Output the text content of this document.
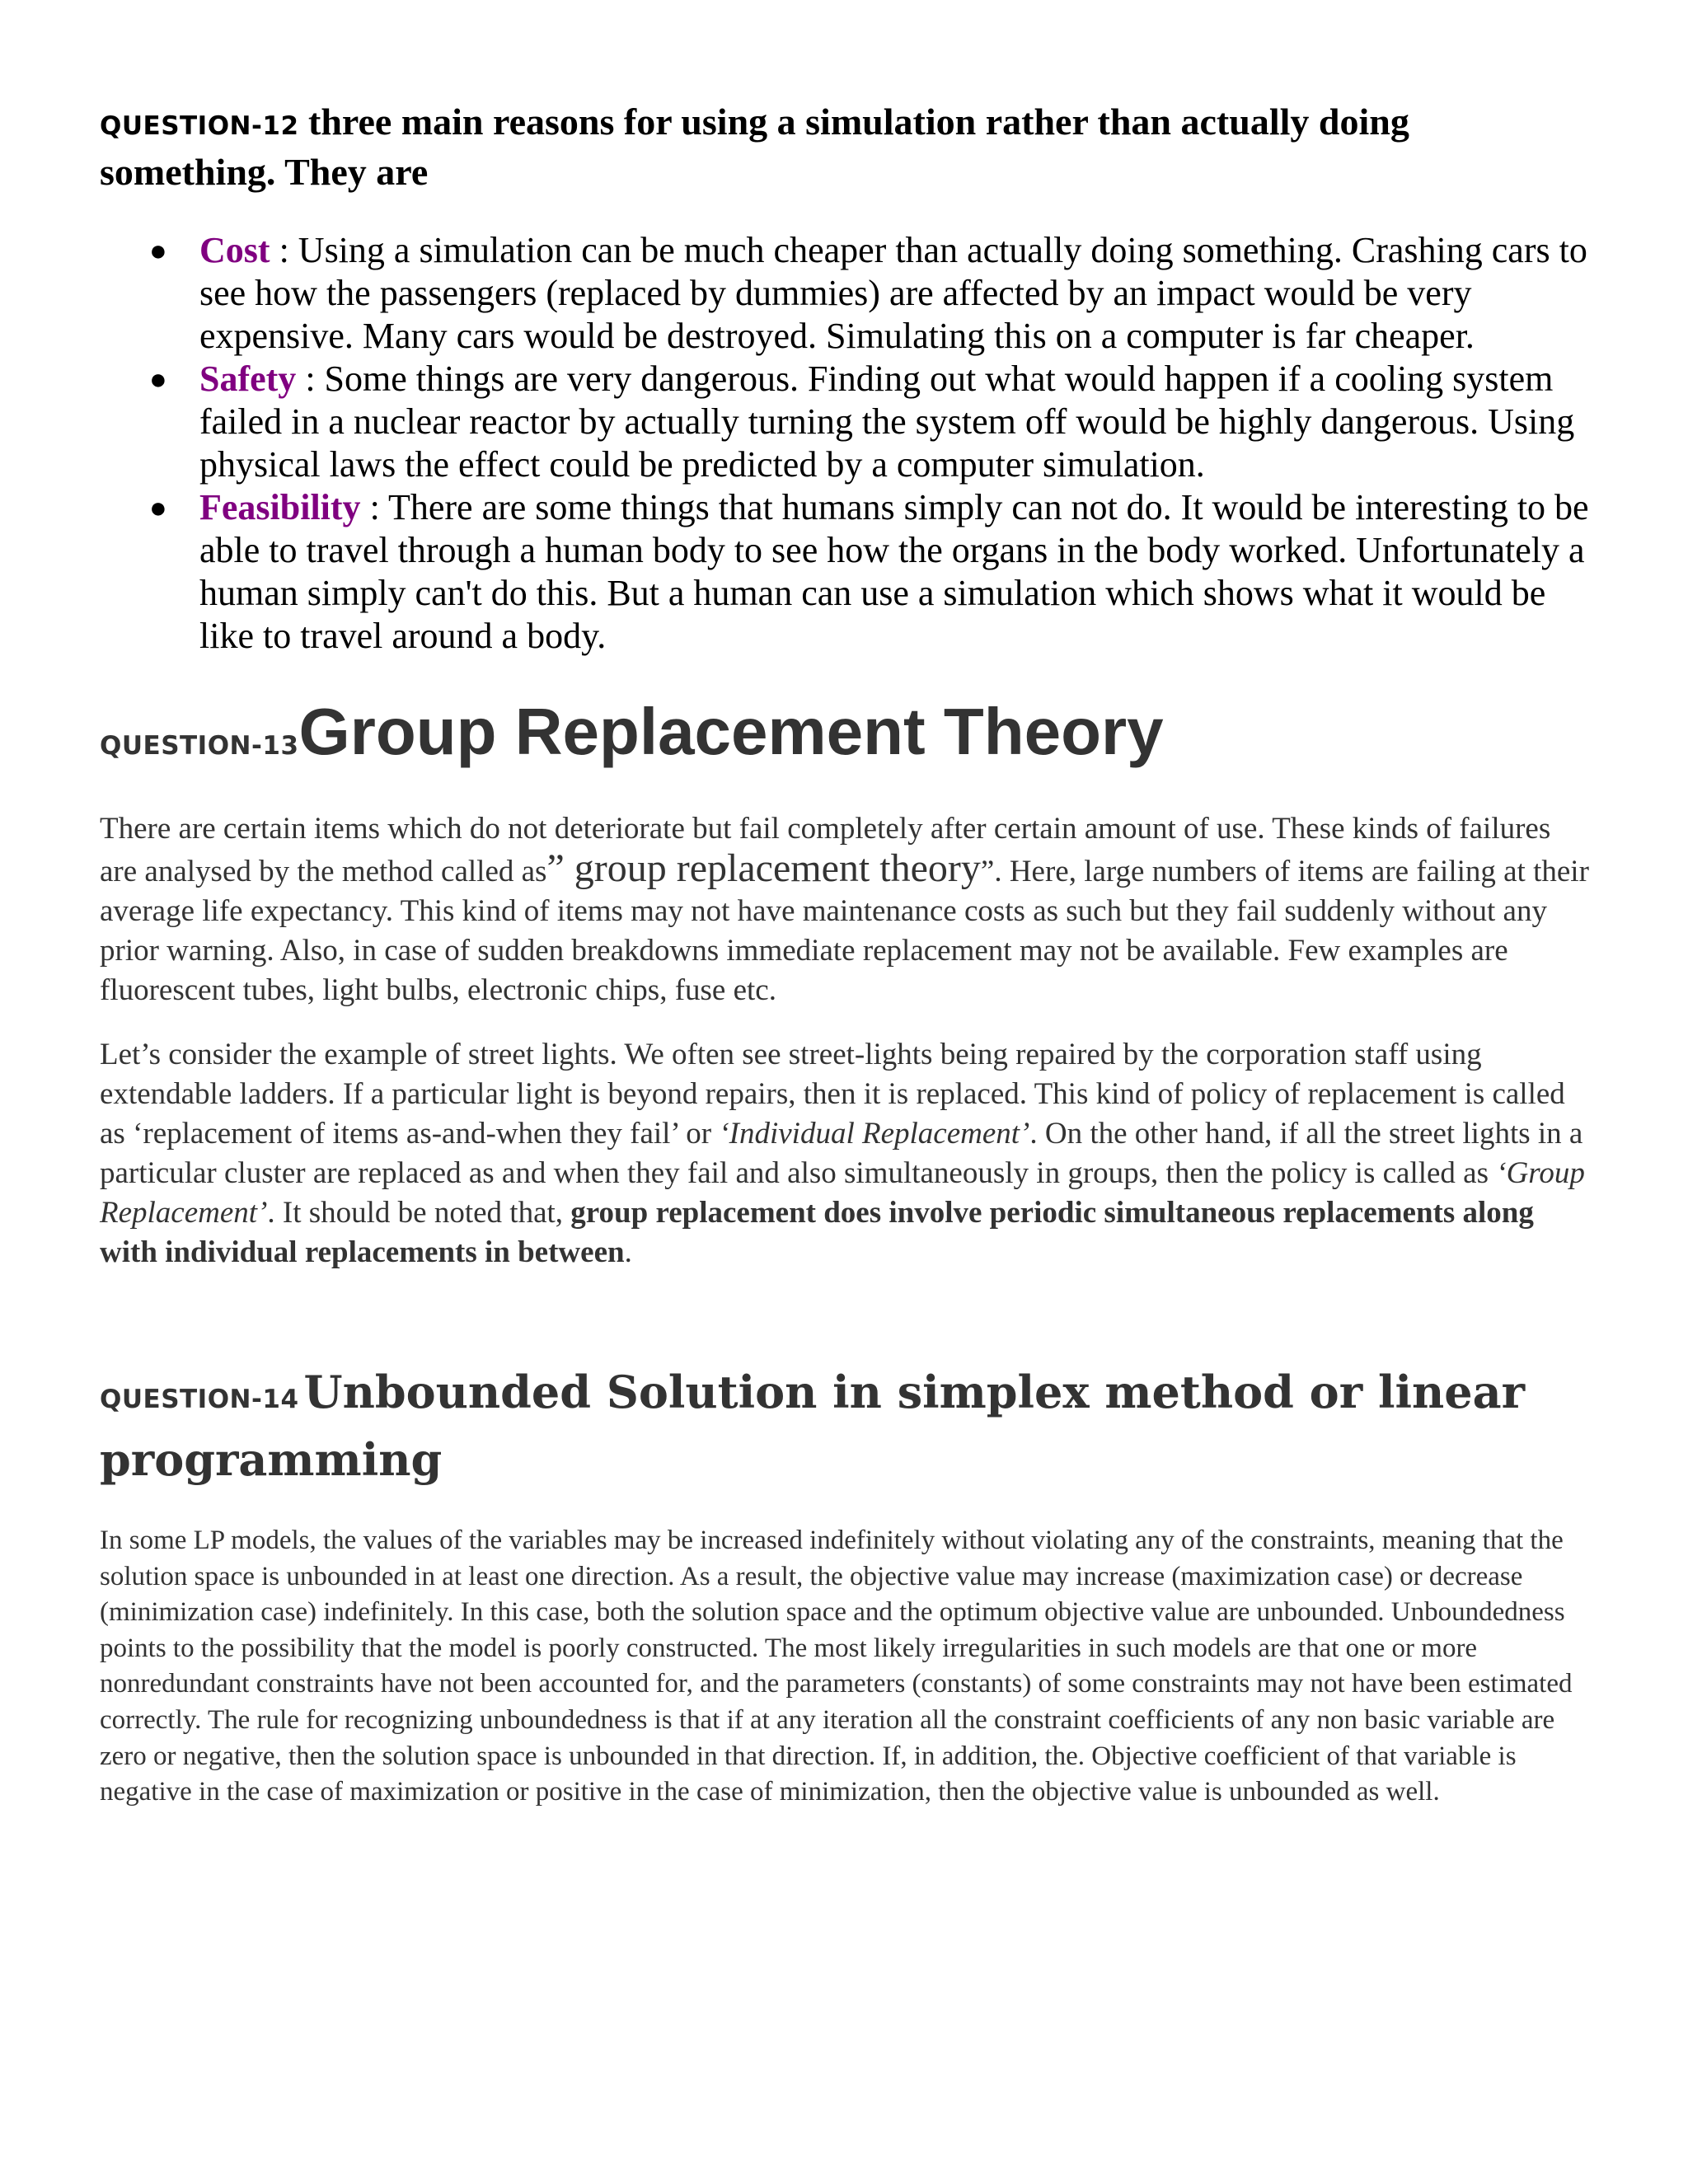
QUESTION-12 three main reasons for using a simulation rather than actually doing something. They are
● Cost : Using a simulation can be much cheaper than actually doing something. Crashing cars to see how the passengers (replaced by dummies) are affected by an impact would be very expensive. Many cars would be destroyed. Simulating this on a computer is far cheaper.
● Safety : Some things are very dangerous. Finding out what would happen if a cooling system failed in a nuclear reactor by actually turning the system off would be highly dangerous. Using physical laws the effect could be predicted by a computer simulation.
● Feasibility : There are some things that humans simply can not do. It would be interesting to be able to travel through a human body to see how the organs in the body worked. Unfortunately a human simply can't do this. But a human can use a simulation which shows what it would be like to travel around a body.
QUESTION-13Group Replacement Theory

There are certain items which do not deteriorate but fail completely after certain amount of use. These kinds of failures are analysed by the method called as” group replacement theory”. Here, large numbers of items are failing at their average life expectancy. This kind of items may not have maintenance costs as such but they fail suddenly without any prior warning. Also, in case of sudden breakdowns immediate replacement may not be available. Few examples are fluorescent tubes, light bulbs, electronic chips, fuse etc.

Let’s consider the example of street lights. We often see street-lights being repaired by the corporation staff using extendable ladders. If a particular light is beyond repairs, then it is replaced. This kind of policy of replacement is called as ‘replacement of items as-and-when they fail’ or ‘Individual Replacement’. On the other hand, if all the street lights in a particular cluster are replaced as and when they fail and also simultaneously in groups, then the policy is called as ‘Group Replacement’. It should be noted that, group replacement does involve periodic simultaneous replacements along with individual replacements in between.

QUESTION-14 Unbounded Solution in simplex method or linear programming

In some LP models, the values of the variables may be increased indefinitely without violating any of the constraints, meaning that the solution space is unbounded in at least one direction. As a result, the objective value may increase (maximization case) or decrease (minimization case) indefinitely. In this case, both the solution space and the optimum objective value are unbounded. Unboundedness points to the possibility that the model is poorly constructed. The most likely irregularities in such models are that one or more nonredundant constraints have not been accounted for, and the parameters (constants) of some constraints may not have been estimated correctly. The rule for recognizing unboundedness is that if at any iteration all the constraint coefficients of any non basic variable are zero or negative, then the solution space is unbounded in that direction. If, in addition, the. Objective coefficient of that variable is negative in the case of maximization or positive in the case of minimization, then the objective value is unbounded as well.
